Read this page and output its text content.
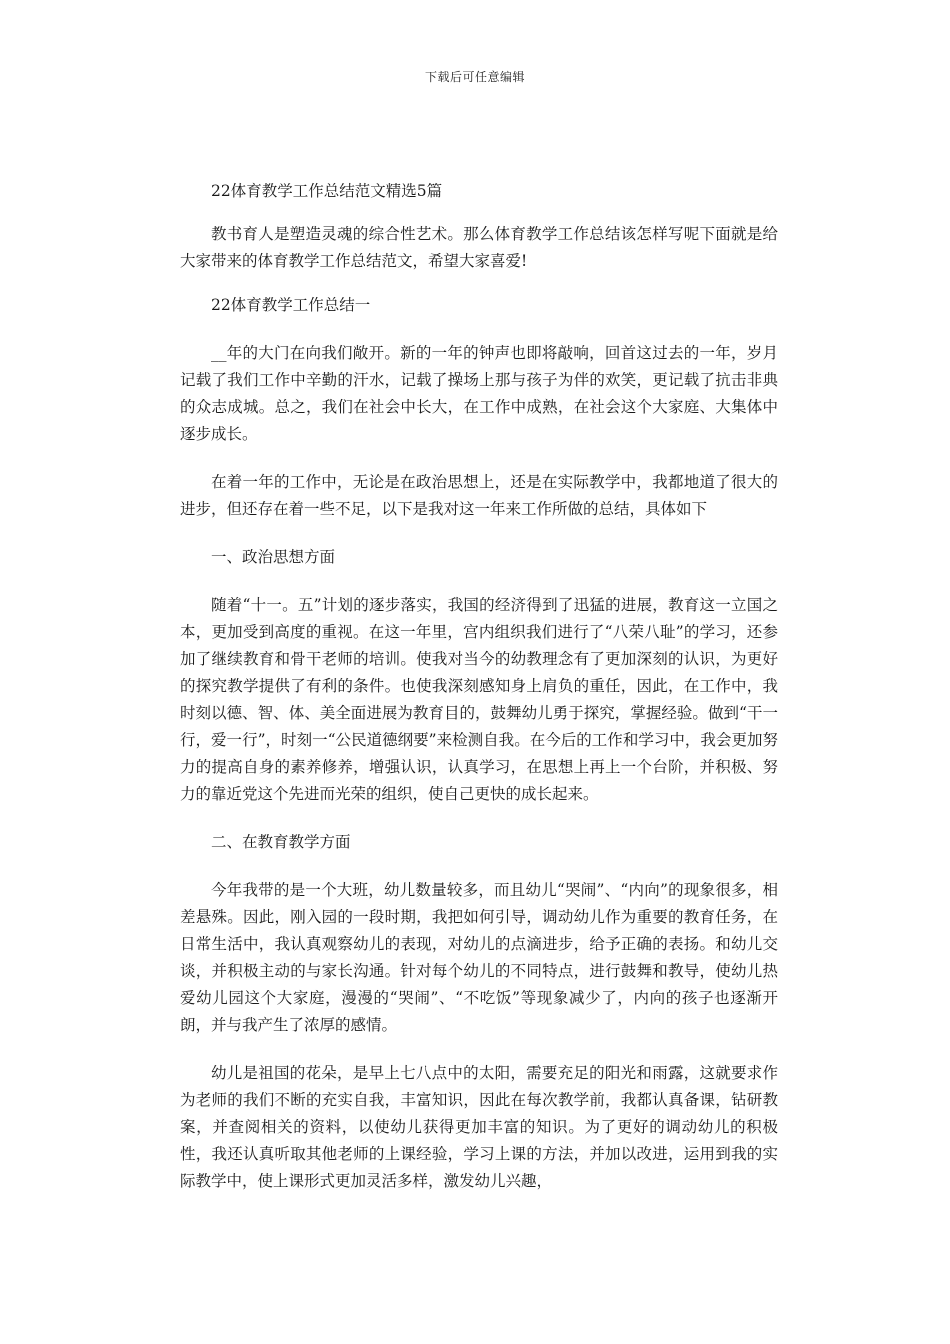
下载后可任意编辑

22体育教学工作总结范文精选5篇

教书育人是塑造灵魂的综合性艺术。那么体育教学工作总结该怎样写呢下面就是给大家带来的体育教学工作总结范文，希望大家喜爱!

22体育教学工作总结一

__年的大门在向我们敞开。新的一年的钟声也即将敲响，回首这过去的一年，岁月记载了我们工作中辛勤的汗水，记载了操场上那与孩子为伴的欢笑，更记载了抗击非典的众志成城。总之，我们在社会中长大，在工作中成熟，在社会这个大家庭、大集体中逐步成长。

在着一年的工作中，无论是在政治思想上，还是在实际教学中，我都地道了很大的进步，但还存在着一些不足，以下是我对这一年来工作所做的总结，具体如下

一、政治思想方面

随着“十一。五”计划的逐步落实，我国的经济得到了迅猛的进展，教育这一立国之本，更加受到高度的重视。在这一年里，宫内组织我们进行了“八荣八耻”的学习，还参加了继续教育和骨干老师的培训。使我对当今的幼教理念有了更加深刻的认识，为更好的探究教学提供了有利的条件。也使我深刻感知身上肩负的重任，因此，在工作中，我时刻以德、智、体、美全面进展为教育目的，鼓舞幼儿勇于探究，掌握经验。做到“干一行，爱一行”，时刻一“公民道德纲要”来检测自我。在今后的工作和学习中，我会更加努力的提高自身的素养修养，增强认识，认真学习，在思想上再上一个台阶，并积极、努力的靠近党这个先进而光荣的组织，使自己更快的成长起来。

二、在教育教学方面

今年我带的是一个大班，幼儿数量较多，而且幼儿“哭闹”、“内向”的现象很多，相差悬殊。因此，刚入园的一段时期，我把如何引导，调动幼儿作为重要的教育任务，在日常生活中，我认真观察幼儿的表现，对幼儿的点滴进步，给予正确的表扬。和幼儿交谈，并积极主动的与家长沟通。针对每个幼儿的不同特点，进行鼓舞和教导，使幼儿热爱幼儿园这个大家庭，漫漫的“哭闹”、“不吃饭”等现象减少了，内向的孩子也逐渐开朗，并与我产生了浓厚的感情。

幼儿是祖国的花朵，是早上七八点中的太阳，需要充足的阳光和雨露，这就要求作为老师的我们不断的充实自我，丰富知识，因此在每次教学前，我都认真备课，钻研教案，并查阅相关的资料，以使幼儿获得更加丰富的知识。为了更好的调动幼儿的积极性，我还认真听取其他老师的上课经验，学习上课的方法，并加以改进，运用到我的实际教学中，使上课形式更加灵活多样，激发幼儿兴趣，
